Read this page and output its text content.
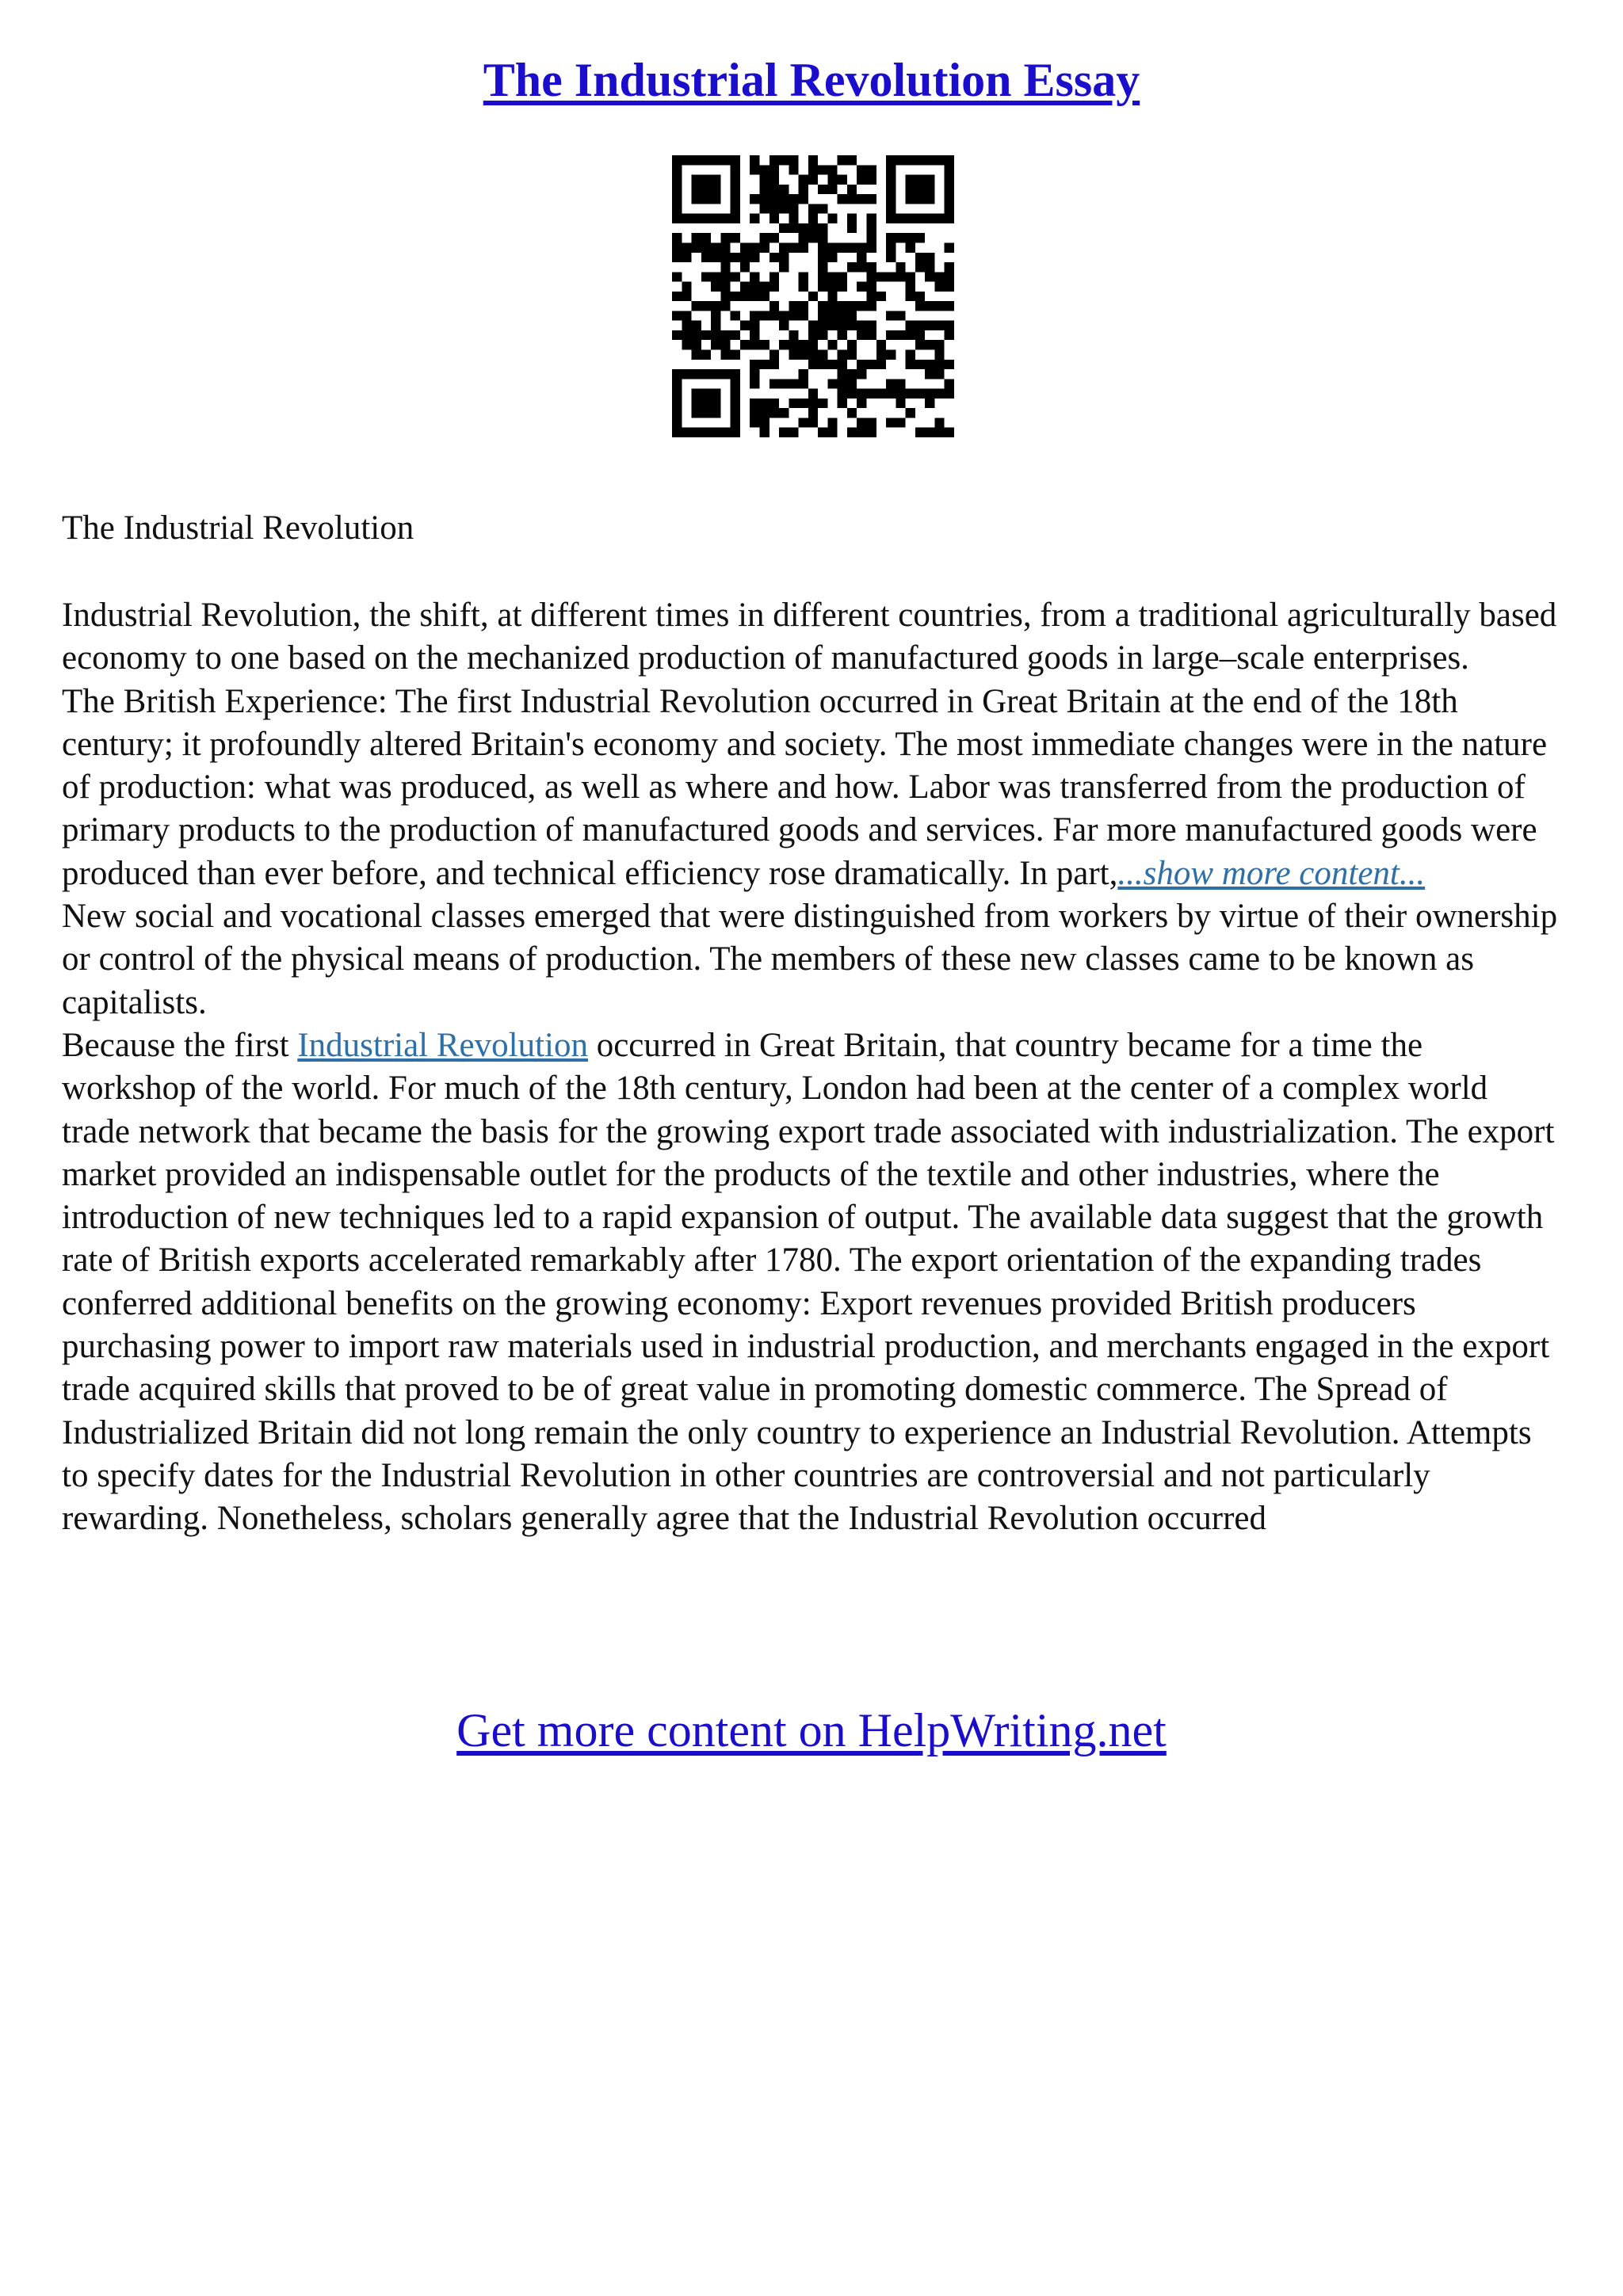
The Industrial Revolution Essay
The Industrial Revolution

Industrial Revolution, the shift, at different times in different countries, from a traditional agriculturally based economy to one based on the mechanized production of manufactured goods in large–scale enterprises.

The British Experience: The first Industrial Revolution occurred in Great Britain at the end of the 18th century; it profoundly altered Britain's economy and society. The most immediate changes were in the nature of production: what was produced, as well as where and how. Labor was transferred from the production of primary products to the production of manufactured goods and services. Far more manufactured goods were produced than ever before, and technical efficiency rose dramatically. In part,...show more content...

New social and vocational classes emerged that were distinguished from workers by virtue of their ownership or control of the physical means of production. The members of these new classes came to be known as capitalists.

Because the first Industrial Revolution occurred in Great Britain, that country became for a time the workshop of the world. For much of the 18th century, London had been at the center of a complex world trade network that became the basis for the growing export trade associated with industrialization. The export market provided an indispensable outlet for the products of the textile and other industries, where the introduction of new techniques led to a rapid expansion of output. The available data suggest that the growth rate of British exports accelerated remarkably after 1780. The export orientation of the expanding trades conferred additional benefits on the growing economy: Export revenues provided British producers purchasing power to import raw materials used in industrial production, and merchants engaged in the export trade acquired skills that proved to be of great value in promoting domestic commerce. The Spread of Industrialized Britain did not long remain the only country to experience an Industrial Revolution. Attempts to specify dates for the Industrial Revolution in other countries are controversial and not particularly rewarding. Nonetheless, scholars generally agree that the Industrial Revolution occurred

Get more content on HelpWriting.net
